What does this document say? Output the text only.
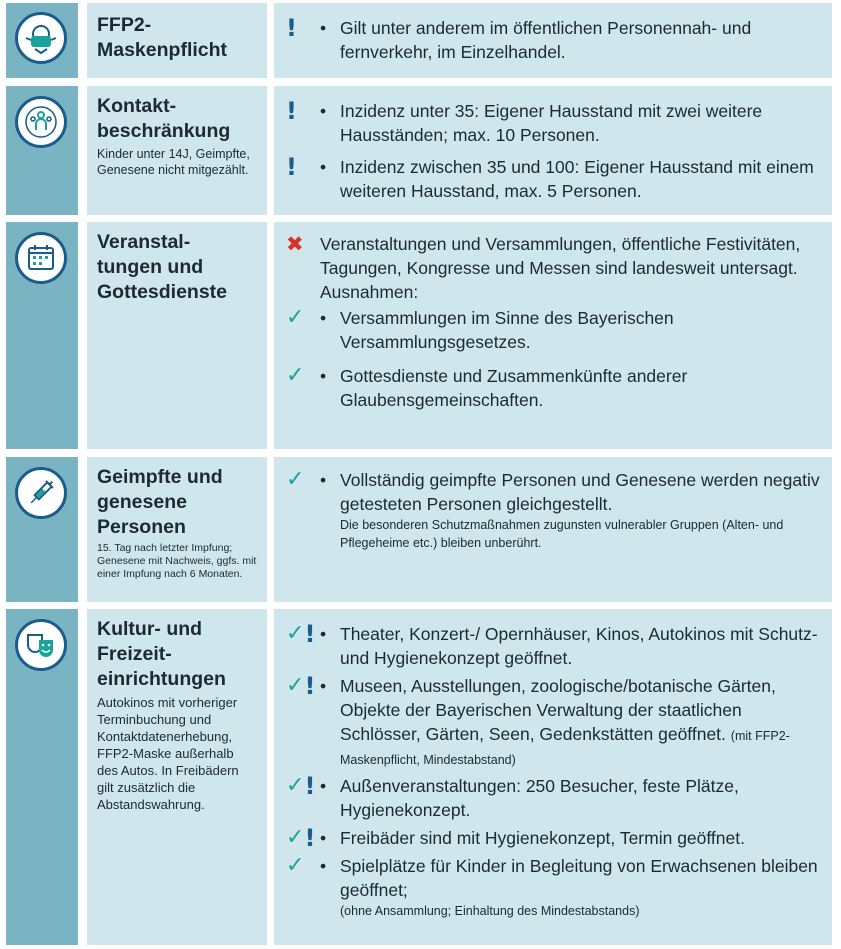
FFP2-
Maskenpflicht
! • Gilt unter anderem im öffentlichen Personennah- und fernverkehr, im Einzelhandel.
Kontakt-
beschränkung
Kinder unter 14J, Geimpfte, Genesene nicht mitgezählt.
! • Inzidenz unter 35: Eigener Hausstand mit zwei weitere Hausständen; max. 10 Personen.
! • Inzidenz zwischen 35 und 100: Eigener Hausstand mit einem weiteren Hausstand, max. 5 Personen.
Veranstal-
tungen und
Gottesdienste
✖ Veranstaltungen und Versammlungen, öffentliche Festivitäten, Tagungen, Kongresse und Messen sind landesweit untersagt.
Ausnahmen:
✓ • Versammlungen im Sinne des Bayerischen Versammlungsgesetzes.
✓ • Gottesdienste und Zusammenkünfte anderer Glaubensgemeinschaften.
Geimpfte und
genesene
Personen
15. Tag nach letzter Impfung; Genesene mit Nachweis, ggfs. mit einer Impfung nach 6 Monaten.
✓ • Vollständig geimpfte Personen und Genesene werden negativ getesteten Personen gleichgestellt.
Die besonderen Schutzmaßnahmen zugunsten vulnerabler Gruppen (Alten- und Pflegeheime etc.) bleiben unberührt.
Kultur- und
Freizeit-
einrichtungen
Autokinos mit vorheriger Terminbuchung und Kontaktdatenerhebung, FFP2-Maske außerhalb des Autos. In Freibädern gilt zusätzlich die Abstandswahrung.
✓ ! • Theater, Konzert-/ Opernhäuser, Kinos, Autokinos mit Schutz- und Hygienekonzept geöffnet.
✓ ! • Museen, Ausstellungen, zoologische/botanische Gärten, Objekte der Bayerischen Verwaltung der staatlichen Schlösser, Gärten, Seen, Gedenkstätten geöffnet. (mit FFP2-Maskenpflicht, Mindestabstand)
✓ ! • Außenveranstaltungen: 250 Besucher, feste Plätze, Hygienekonzept.
✓ ! • Freibäder sind mit Hygienekonzept, Termin geöffnet.
✓ • Spielplätze für Kinder in Begleitung von Erwachsenen bleiben geöffnet;
(ohne Ansammlung; Einhaltung des Mindestabstands)
